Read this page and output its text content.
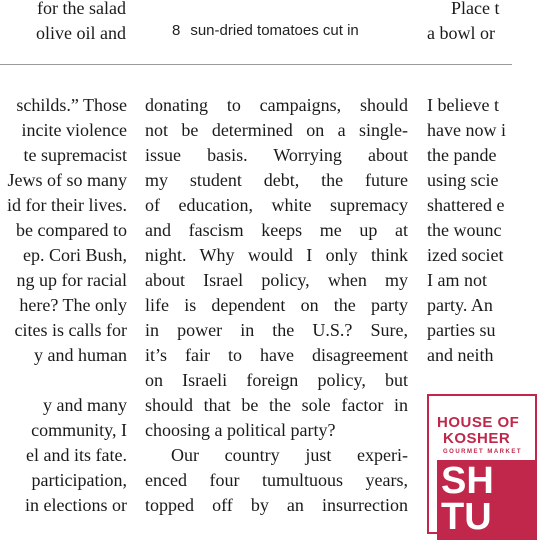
for the salad
olive oil and	8 sun-dried tomatoes cut in
Place t
a bowl or
schilds.” Those
incite violence
te supremacist
Jews of so many
id for their lives.
be compared to
ep. Cori Bush,
ng up for racial
here? The only
cites is calls for
y and human

y and many
community, I
el and its fate.
participation,
in elections or
donating to campaigns, should
not be determined on a single-
issue basis. Worrying about
my student debt, the future
of education, white supremacy
and fascism keeps me up at
night. Why would I only think
about Israel policy, when my
life is dependent on the party
in power in the U.S.? Sure,
it’s fair to have disagreement
on Israeli foreign policy, but
should that be the sole factor in
choosing a political party?
Our country just experi-
enced four tumultuous years,
topped off by an insurrection
I believe t
have now i
the pande
using scie
shattered e
the wounc
ized societ
I am not
party. An
parties su
and neith
HOUSE OF
KOSHER
GOURMET MARKET
SH
TU
